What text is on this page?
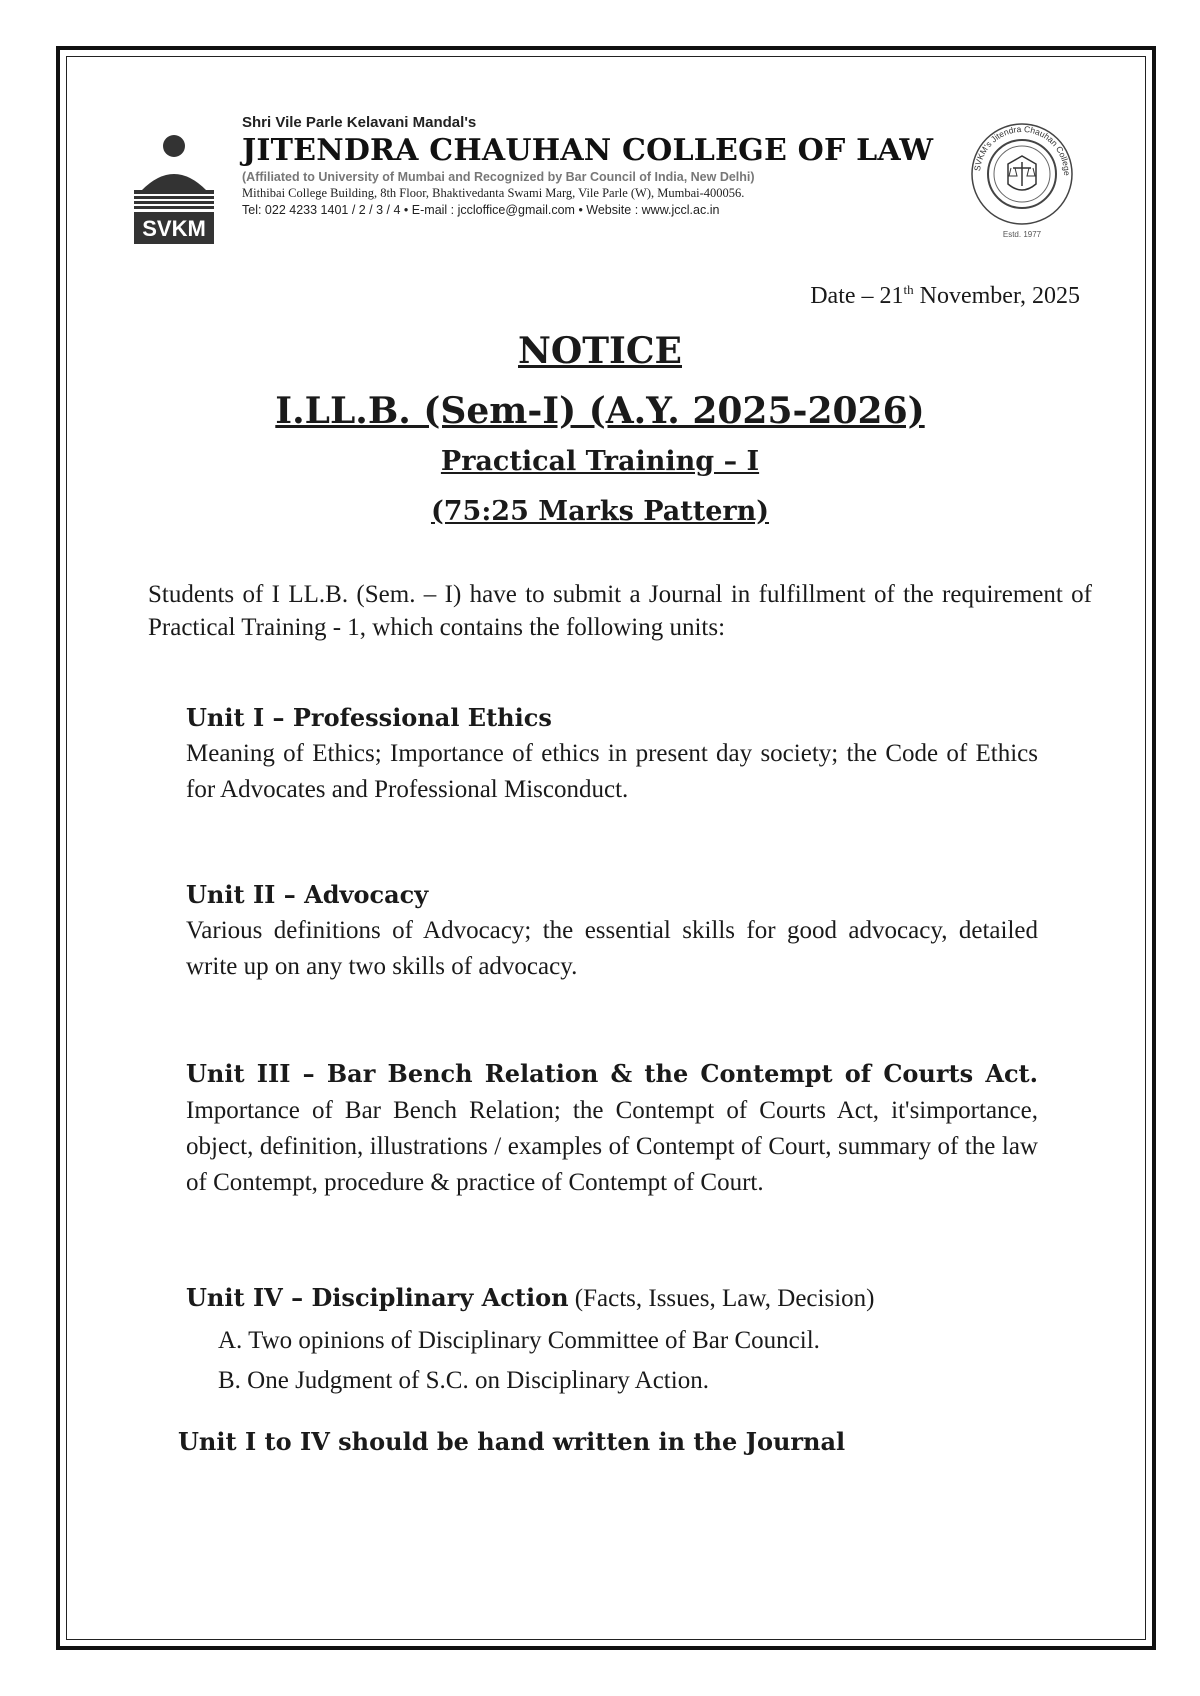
SVKM
Shri Vile Parle Kelavani Mandal's
JITENDRA CHAUHAN COLLEGE OF LAW
(Affiliated to University of Mumbai and Recognized by Bar Council of India, New Delhi)
Mithibai College Building, 8th Floor, Bhaktivedanta Swami Marg, Vile Parle (W), Mumbai-400056.
Tel: 022 4233 1401 / 2 / 3 / 4 • E-mail : jccloffice@gmail.com • Website : www.jccl.ac.in
SVKM's Jitendra Chauhan College
Estd. 1977
Date – 21th November, 2025
NOTICE
I.LL.B. (Sem-I) (A.Y. 2025-2026)
Practical Training – I
(75:25 Marks Pattern)
Students of I LL.B. (Sem. – I) have to submit a Journal in fulfillment of the requirement of Practical Training - 1, which contains the following units:
Unit I – Professional Ethics
Meaning of Ethics; Importance of ethics in present day society; the Code of Ethics for Advocates and Professional Misconduct.
Unit II – Advocacy
Various definitions of Advocacy; the essential skills for good advocacy, detailed write up on any two skills of advocacy.
Unit III – Bar Bench Relation & the Contempt of Courts Act. Importance of Bar Bench Relation; the Contempt of Courts Act, it'simportance, object, definition, illustrations / examples of Contempt of Court, summary of the law of Contempt, procedure & practice of Contempt of Court.
Unit IV – Disciplinary Action (Facts, Issues, Law, Decision)
A. Two opinions of Disciplinary Committee of Bar Council.
B. One Judgment of S.C. on Disciplinary Action.
Unit I to IV should be hand written in the Journal
